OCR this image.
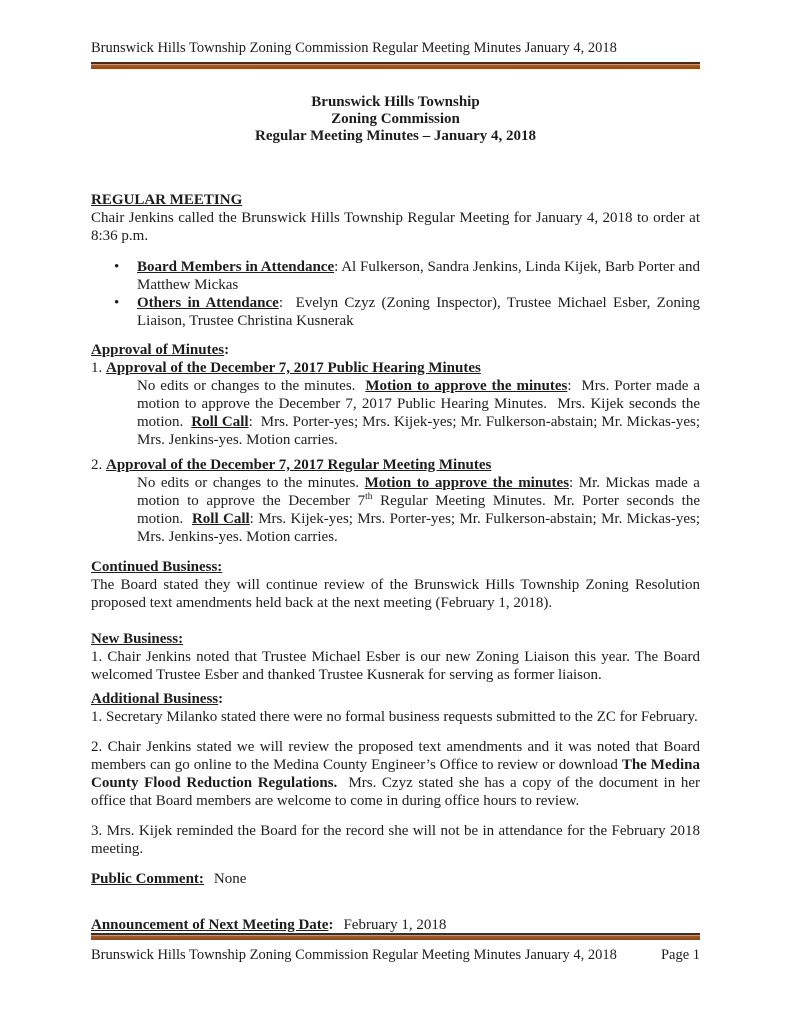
Brunswick Hills Township Zoning Commission Regular Meeting Minutes January 4, 2018
Brunswick Hills Township
Zoning Commission
Regular Meeting Minutes – January 4, 2018
REGULAR MEETING

Chair Jenkins called the Brunswick Hills Township Regular Meeting for January 4, 2018 to order at 8:36 p.m.

•	Board Members in Attendance: Al Fulkerson, Sandra Jenkins, Linda Kijek, Barb Porter and Matthew Mickas
•	Others in Attendance:  Evelyn Czyz (Zoning Inspector), Trustee Michael Esber, Zoning Liaison, Trustee Christina Kusnerak
Approval of Minutes:

1. Approval of the December 7, 2017 Public Hearing Minutes

No edits or changes to the minutes.  Motion to approve the minutes:  Mrs. Porter made a motion to approve the December 7, 2017 Public Hearing Minutes.  Mrs. Kijek seconds the motion.  Roll Call:  Mrs. Porter-yes; Mrs. Kijek-yes; Mr. Fulkerson-abstain; Mr. Mickas-yes; Mrs. Jenkins-yes. Motion carries.

2. Approval of the December 7, 2017 Regular Meeting Minutes

No edits or changes to the minutes. Motion to approve the minutes: Mr. Mickas made a motion to approve the December 7th Regular Meeting Minutes. Mr. Porter seconds the motion.  Roll Call: Mrs. Kijek-yes; Mrs. Porter-yes; Mr. Fulkerson-abstain; Mr. Mickas-yes; Mrs. Jenkins-yes. Motion carries.

Continued Business:

The Board stated they will continue review of the Brunswick Hills Township Zoning Resolution proposed text amendments held back at the next meeting (February 1, 2018).

New Business:

1. Chair Jenkins noted that Trustee Michael Esber is our new Zoning Liaison this year. The Board welcomed Trustee Esber and thanked Trustee Kusnerak for serving as former liaison.

Additional Business:

1. Secretary Milanko stated there were no formal business requests submitted to the ZC for February.

2. Chair Jenkins stated we will review the proposed text amendments and it was noted that Board members can go online to the Medina County Engineer’s Office to review or download The Medina County Flood Reduction Regulations.  Mrs. Czyz stated she has a copy of the document in her office that Board members are welcome to come in during office hours to review.

3. Mrs. Kijek reminded the Board for the record she will not be in attendance for the February 2018 meeting.

Public Comment: None
Announcement of Next Meeting Date: February 1, 2018
Brunswick Hills Township Zoning Commission Regular Meeting Minutes January 4, 2018	Page 1
